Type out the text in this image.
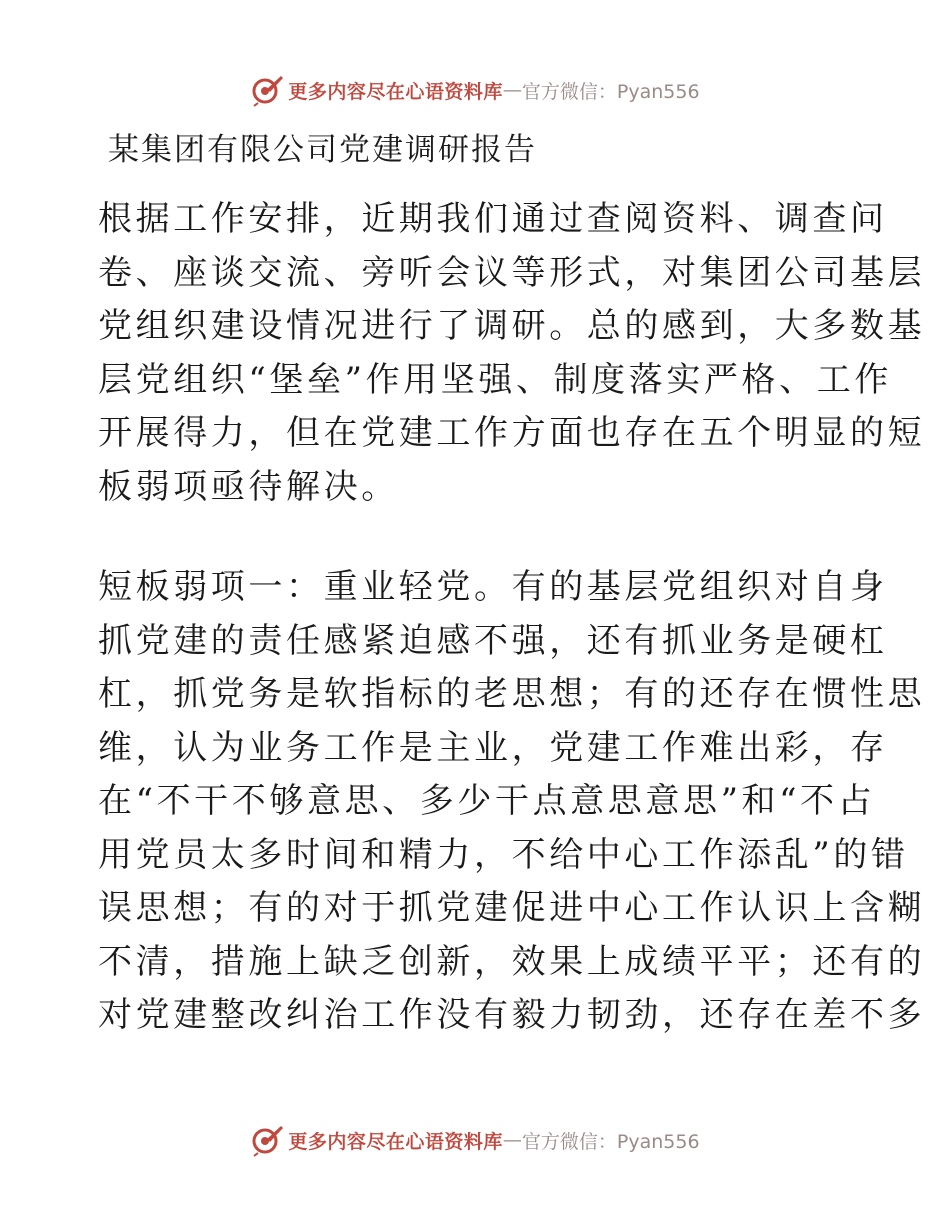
更多内容尽在心语资料库 — 官方微信：Pyan556
某集团有限公司党建调研报告

根据工作安排，近期我们通过查阅资料、调查问
卷、座谈交流、旁听会议等形式，对集团公司基层
党组织建设情况进行了调研。总的感到，大多数基
层党组织“堡垒”作用坚强、制度落实严格、工作
开展得力，但在党建工作方面也存在五个明显的短
板弱项亟待解决。

短板弱项一：重业轻党。有的基层党组织对自身
抓党建的责任感紧迫感不强，还有抓业务是硬杠
杠，抓党务是软指标的老思想；有的还存在惯性思
维，认为业务工作是主业，党建工作难出彩，存
在“不干不够意思、多少干点意思意思”和“不占
用党员太多时间和精力，不给中心工作添乱”的错
误思想；有的对于抓党建促进中心工作认识上含糊
不清，措施上缺乏创新，效果上成绩平平；还有的
对党建整改纠治工作没有毅力韧劲，还存在差不多

更多内容尽在心语资料库 — 官方微信：Pyan556
